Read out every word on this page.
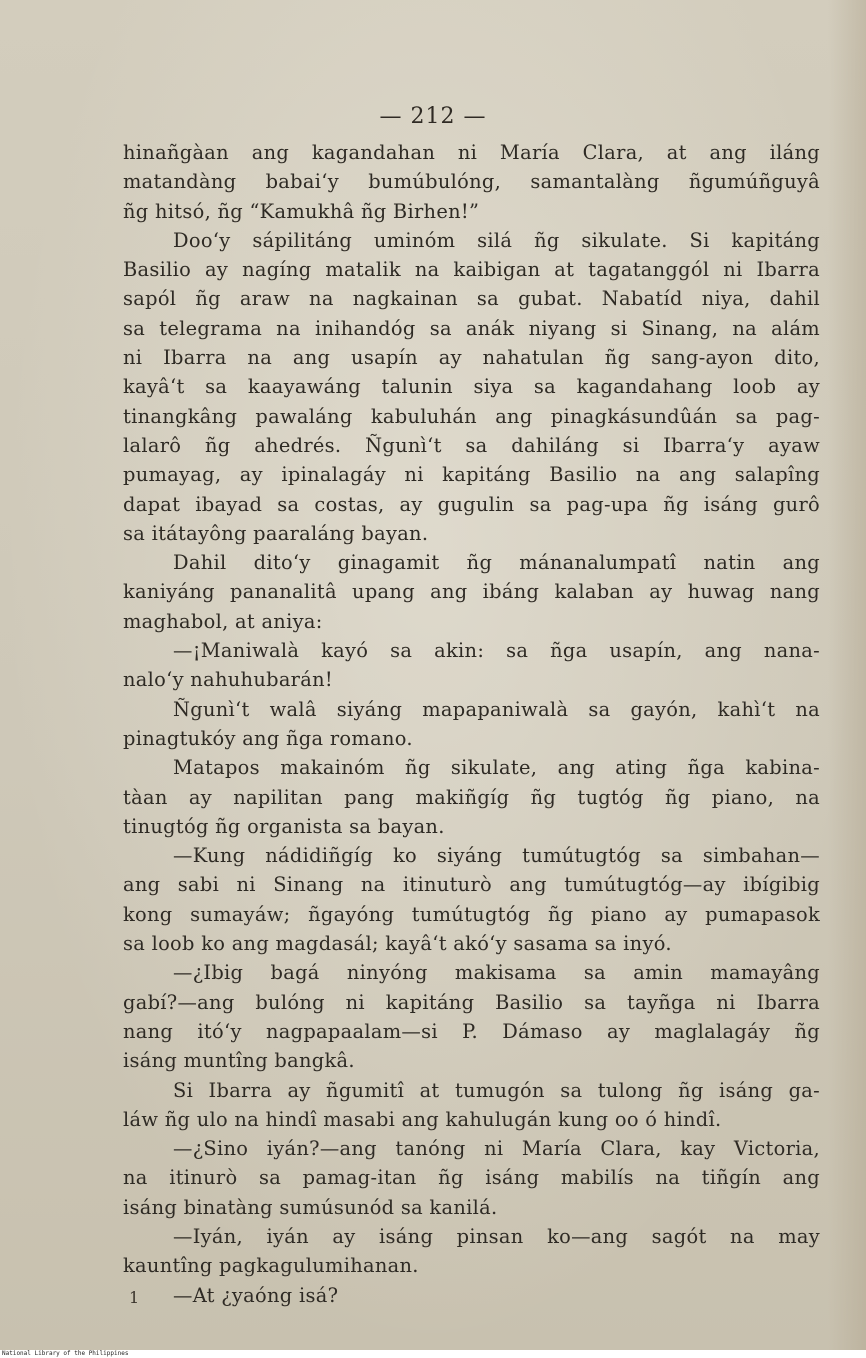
— 212 —
hinañgàan ang kagandahan ni María Clara, at ang iláng
matandàng babai‘y bumúbulóng, samantalàng ñgumúñguyâ
ñg hitsó, ñg “Kamukhâ ñg Birhen!”
Doo‘y sápilitáng uminóm silá ñg sikulate. Si kapitáng
Basilio ay nagíng matalik na kaibigan at tagatanggól ni Ibarra
sapól ñg araw na nagkainan sa gubat. Nabatíd niya, dahil
sa telegrama na inihandóg sa anák niyang si Sinang, na alám
ni Ibarra na ang usapín ay nahatulan ñg sang-ayon dito,
kayâ‘t sa kaayawáng talunin siya sa kagandahang loob ay
tinangkâng pawaláng kabuluhán ang pinagkásundûán sa pag-
lalarô ñg ahedrés. Ñgunì‘t sa dahiláng si Ibarra‘y ayaw
pumayag, ay ipinalagáy ni kapitáng Basilio na ang salapîng
dapat ibayad sa costas, ay gugulin sa pag-upa ñg isáng gurô
sa itátayông paaraláng bayan.
Dahil dito‘y ginagamit ñg mánanalumpatî natin ang
kaniyáng pananalitâ upang ang ibáng kalaban ay huwag nang
maghabol, at aniya:
—¡Maniwalà kayó sa akin: sa ñga usapín, ang nana-
nalo‘y nahuhubarán!
Ñgunì‘t walâ siyáng mapapaniwalà sa gayón, kahì‘t na
pinagtukóy ang ñga romano.
Matapos makainóm ñg sikulate, ang ating ñga kabina-
tàan ay napilitan pang makiñgíg ñg tugtóg ñg piano, na
tinugtóg ñg organista sa bayan.
—Kung nádidiñgíg ko siyáng tumútugtóg sa simbahan—
ang sabi ni Sinang na itinuturò ang tumútugtóg—ay ibígibig
kong sumayáw; ñgayóng tumútugtóg ñg piano ay pumapasok
sa loob ko ang magdasál; kayâ‘t akó‘y sasama sa inyó.
—¿Ibig bagá ninyóng makisama sa amin mamayâng
gabí?—ang bulóng ni kapitáng Basilio sa tayñga ni Ibarra
nang itó‘y nagpapaalam—si P. Dámaso ay maglalagáy ñg
isáng muntîng bangkâ.
Si Ibarra ay ñgumitî at tumugón sa tulong ñg isáng ga-
láw ñg ulo na hindî masabi ang kahulugán kung oo ó hindî.
—¿Sino iyán?—ang tanóng ni María Clara, kay Victoria,
na itinurò sa pamag-itan ñg isáng mabilís na tiñgín ang
isáng binatàng sumúsunód sa kanilá.
—Iyán, iyán ay isáng pinsan ko—ang sagót na may
kauntîng pagkagulumihanan.
—At ¿yaóng isá?
1
National Library of the Philippines
